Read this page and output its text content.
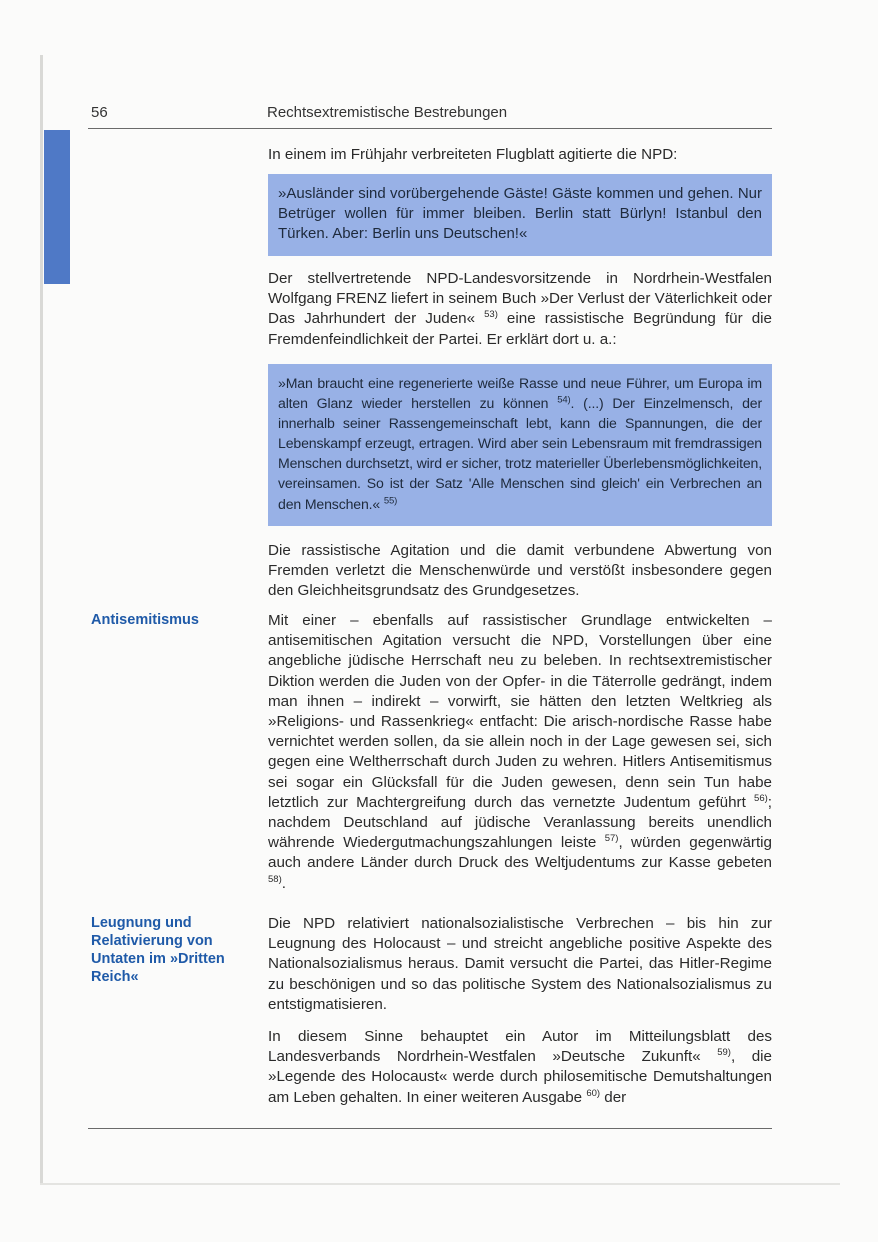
56	Rechtsextremistische Bestrebungen

In einem im Frühjahr verbreiteten Flugblatt agitierte die NPD:

»Ausländer sind vorübergehende Gäste! Gäste kommen und gehen. Nur Betrüger wollen für immer bleiben. Berlin statt Bürlyn! Istanbul den Türken. Aber: Berlin uns Deutschen!«

Der stellvertretende NPD-Landesvorsitzende in Nordrhein-Westfalen Wolfgang FRENZ liefert in seinem Buch »Der Verlust der Väterlichkeit oder Das Jahrhundert der Juden« $^{53)}$ eine rassistische Begründung für die Fremdenfeindlichkeit der Partei. Er erklärt dort u. a.:

»Man braucht eine regenerierte weiße Rasse und neue Führer, um Europa im alten Glanz wieder herstellen zu können $^{54)}$. (...) Der Einzelmensch, der innerhalb seiner Rassengemeinschaft lebt, kann die Spannungen, die der Lebenskampf erzeugt, ertragen. Wird aber sein Lebensraum mit fremdrassigen Menschen durchsetzt, wird er sicher, trotz materieller Überlebensmöglichkeiten, vereinsamen. So ist der Satz 'Alle Menschen sind gleich' ein Verbrechen an den Menschen.« $^{55)}$

Die rassistische Agitation und die damit verbundene Abwertung von Fremden verletzt die Menschenwürde und verstößt insbesondere gegen den Gleichheitsgrundsatz des Grundgesetzes.

Antisemitismus	Mit einer – ebenfalls auf rassistischer Grundlage entwickelten – antisemitischen Agitation versucht die NPD, Vorstellungen über eine angebliche jüdische Herrschaft neu zu beleben. In rechtsextremistischer Diktion werden die Juden von der Opfer- in die Täterrolle gedrängt, indem man ihnen – indirekt – vorwirft, sie hätten den letzten Weltkrieg als »Religions- und Rassenkrieg« entfacht: Die arisch-nordische Rasse habe vernichtet werden sollen, da sie allein noch in der Lage gewesen sei, sich gegen eine Weltherrschaft durch Juden zu wehren. Hitlers Antisemitismus sei sogar ein Glücksfall für die Juden gewesen, denn sein Tun habe letztlich zur Machtergreifung durch das vernetzte Judentum geführt $^{56)}$; nachdem Deutschland auf jüdische Veranlassung bereits unendlich währende Wiedergutmachungszahlungen leiste $^{57)}$, würden gegenwärtig auch andere Länder durch Druck des Weltjudentums zur Kasse gebeten $^{58)}$.

Leugnung und Relativierung von Untaten im »Dritten Reich«

Die NPD relativiert nationalsozialistische Verbrechen – bis hin zur Leugnung des Holocaust – und streicht angebliche positive Aspekte des Nationalsozialismus heraus. Damit versucht die Partei, das Hitler-Regime zu beschönigen und so das politische System des Nationalsozialismus zu entstigmatisieren.

In diesem Sinne behauptet ein Autor im Mitteilungsblatt des Landesverbands Nordrhein-Westfalen »Deutsche Zukunft« $^{59)}$, die »Legende des Holocaust« werde durch philosemitische Demutshaltungen am Leben gehalten. In einer weiteren Ausgabe $^{60)}$ der
